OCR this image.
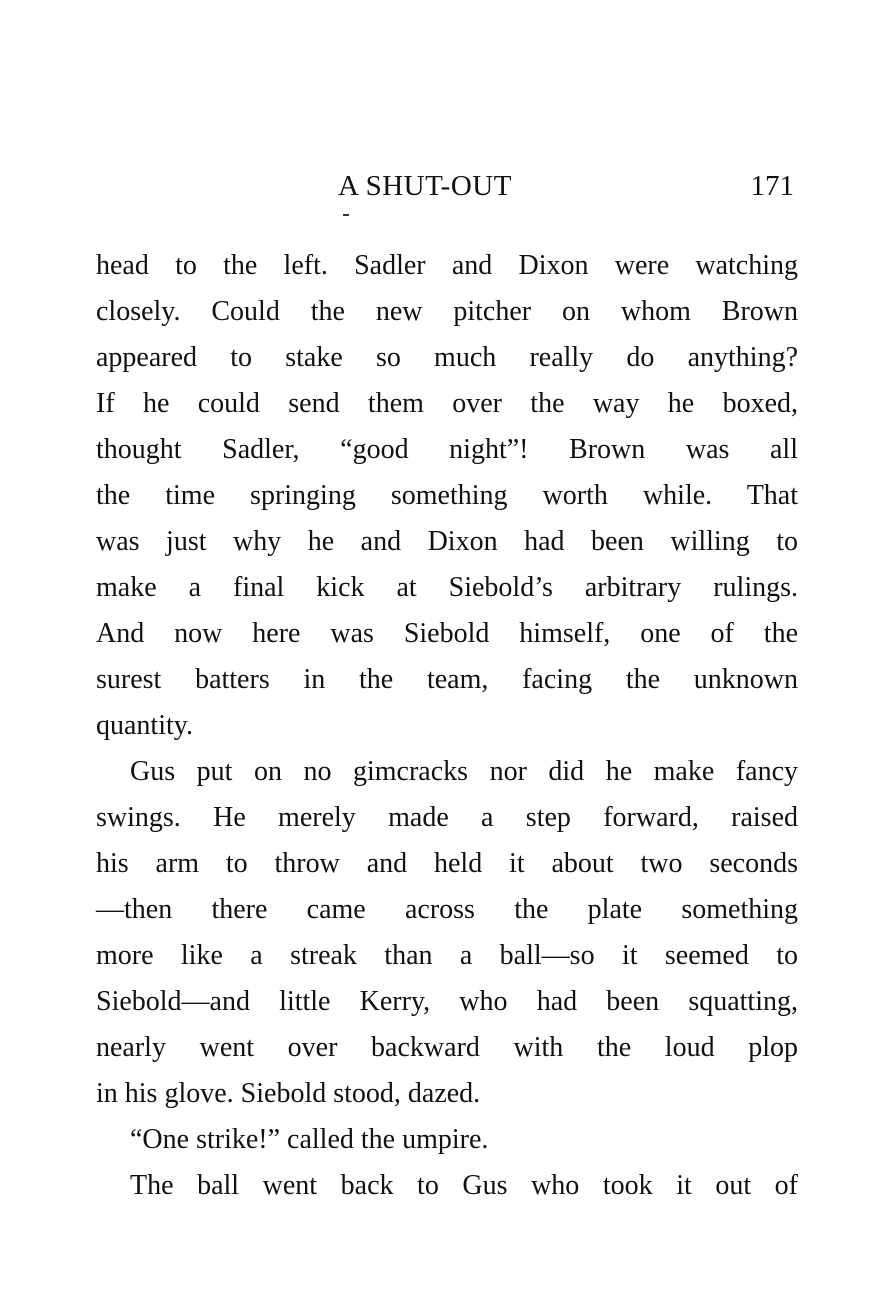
A SHUT-OUT	171
head to the left. Sadler and Dixon were watching
closely. Could the new pitcher on whom Brown
appeared to stake so much really do anything?
If he could send them over the way he boxed,
thought Sadler, “good night”! Brown was all
the time springing something worth while. That
was just why he and Dixon had been willing to
make a final kick at Siebold’s arbitrary rulings.
And now here was Siebold himself, one of the
surest batters in the team, facing the unknown
quantity.
Gus put on no gimcracks nor did he make fancy
swings. He merely made a step forward, raised
his arm to throw and held it about two seconds
—then there came across the plate something
more like a streak than a ball—so it seemed to
Siebold—and little Kerry, who had been squatting,
nearly went over backward with the loud plop
in his glove. Siebold stood, dazed.
“One strike!” called the umpire.
The ball went back to Gus who took it out of
